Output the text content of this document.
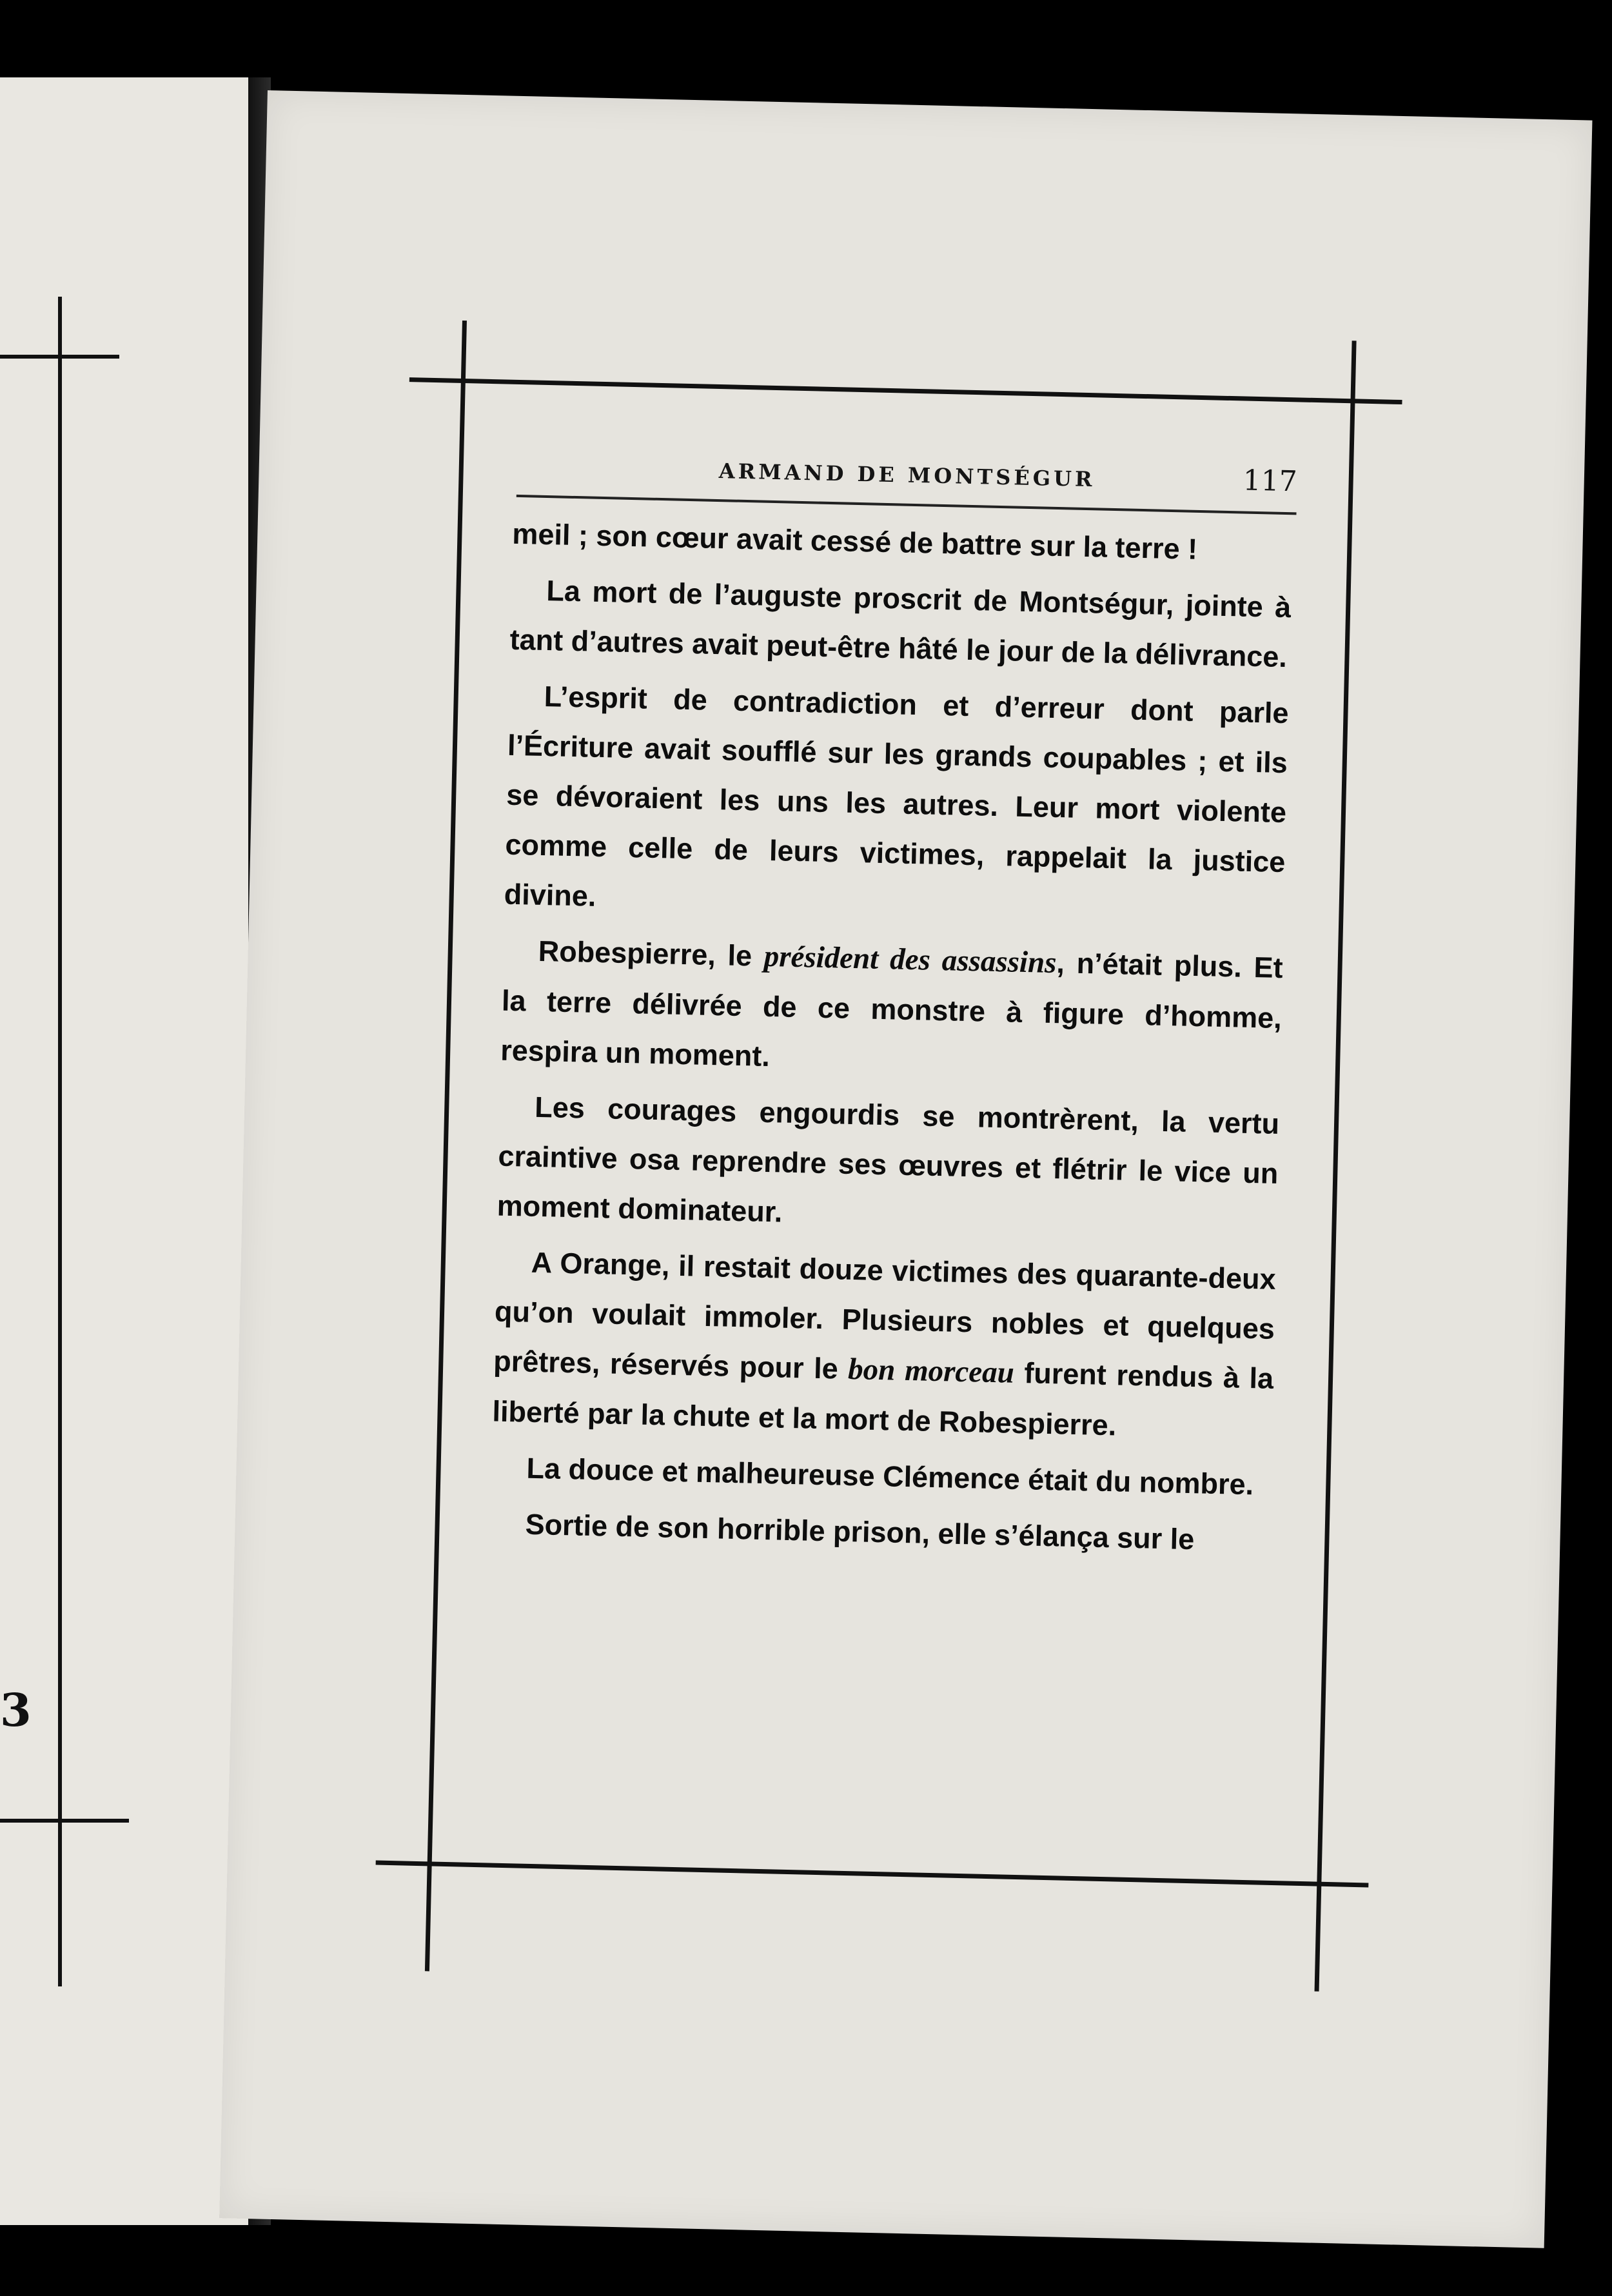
3
ARMAND DE MONTSÉGUR	117

meil ; son cœur avait cessé de battre sur la terre !

La mort de l’auguste proscrit de Montségur, jointe à tant d’autres avait peut-être hâté le jour de la délivrance.

L’esprit de contradiction et d’erreur dont parle l’Écriture avait soufflé sur les grands coupables ; et ils se dévoraient les uns les autres. Leur mort violente comme celle de leurs victimes, rappelait la justice divine.

Robespierre, le président des assassins, n’était plus. Et la terre délivrée de ce monstre à figure d’homme, respira un moment.

Les courages engourdis se montrèrent, la vertu craintive osa reprendre ses œuvres et flétrir le vice un moment dominateur.

A Orange, il restait douze victimes des quarante-deux qu’on voulait immoler. Plusieurs nobles et quelques prêtres, réservés pour le bon morceau furent rendus à la liberté par la chute et la mort de Robespierre.

La douce et malheureuse Clémence était du nombre.

Sortie de son horrible prison, elle s’élança sur le
